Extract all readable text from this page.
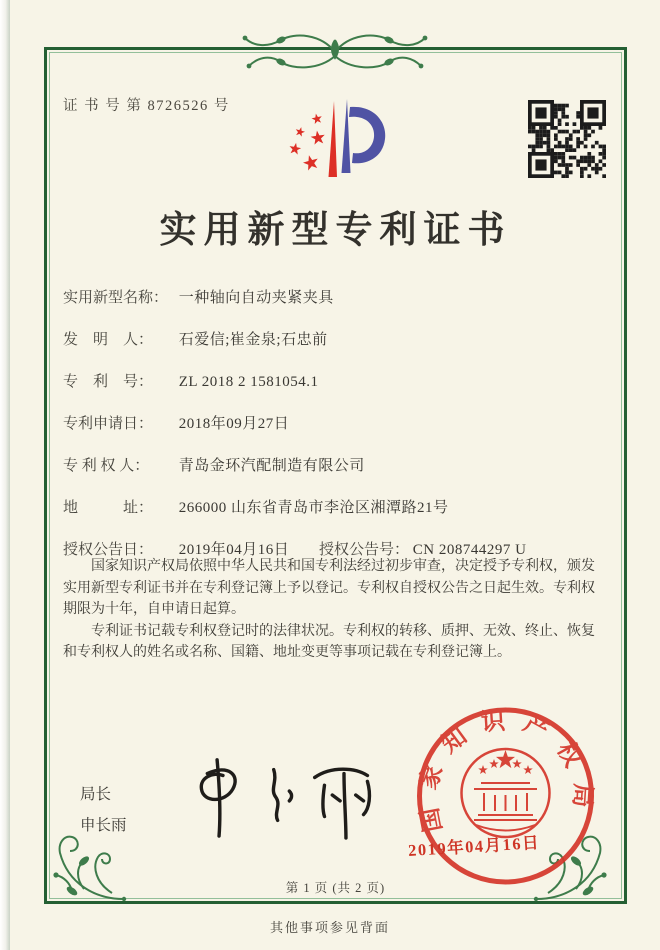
证 书 号 第 8726526 号
实用新型专利证书
实用新型名称： 一种轴向自动夹紧夹具
发　明　人： 石爱信;崔金泉;石忠前
专　利　号： ZL 2018 2 1581054.1
专利申请日： 2018年09月27日
专 利 权 人： 青岛金环汽配制造有限公司
地　　　址： 266000 山东省青岛市李沧区湘潭路21号
授权公告日： 2019年04月16日 授权公告号： CN 208744297 U

国家知识产权局依照中华人民共和国专利法经过初步审查，决定授予专利权，颁发实用新型专利证书并在专利登记簿上予以登记。专利权自授权公告之日起生效。专利权期限为十年，自申请日起算。

专利证书记载专利权登记时的法律状况。专利权的转移、质押、无效、终止、恢复和专利权人的姓名或名称、国籍、地址变更等事项记载在专利登记簿上。

局长
申长雨	国家知识产权局
2019年04月16日
第 1 页 (共 2 页)
其他事项参见背面
